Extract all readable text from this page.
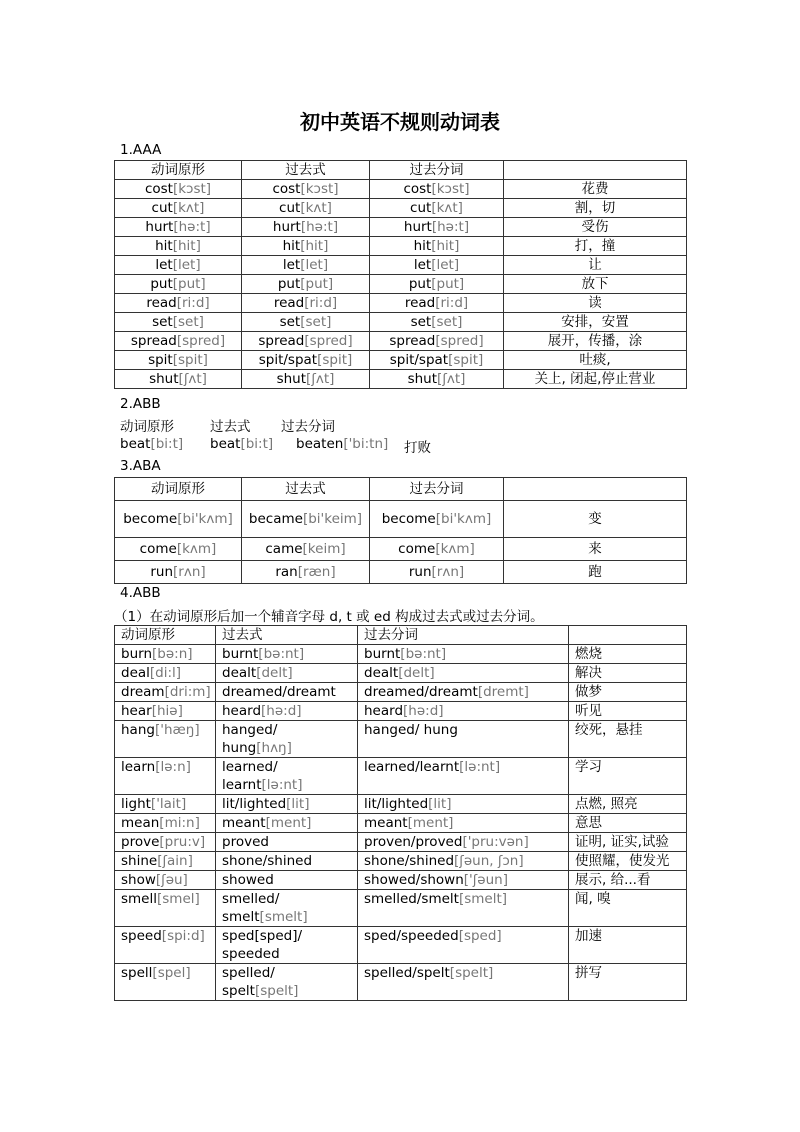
初中英语不规则动词表
1.AAA
动词原形	过去式	过去分词	
cost[kɔst]	cost[kɔst]	cost[kɔst]	花费
cut[kʌt]	cut[kʌt]	cut[kʌt]	割，切
hurt[hə:t]	hurt[hə:t]	hurt[hə:t]	受伤
hit[hit]	hit[hit]	hit[hit]	打，撞
let[let]	let[let]	let[let]	让
put[put]	put[put]	put[put]	放下
read[ri:d]	read[ri:d]	read[ri:d]	读
set[set]	set[set]	set[set]	安排，安置
spread[spred]	spread[spred]	spread[spred]	展开，传播，涂
spit[spit]	spit/spat[spit]	spit/spat[spit]	吐痰,
shut[ʃʌt]	shut[ʃʌt]	shut[ʃʌt]	关上, 闭起,停止营业
2.ABB
动词原形	过去式 过去分词
beat[bi:t] beat[bi:t] beaten['bi:tn] 打败
3.ABA
动词原形	过去式	过去分词	
become[bi'kʌm]	became[bi'keim]	become[bi'kʌm]	变
come[kʌm]	came[keim]	come[kʌm]	来
run[rʌn]	ran[ræn]	run[rʌn]	跑
4.ABB
（1）在动词原形后加一个辅音字母 d, t 或 ed 构成过去式或过去分词。
动词原形	过去式	过去分词	
burn[bə:n]	burnt[bə:nt]	burnt[bə:nt]	燃烧
deal[di:l]	dealt[delt]	dealt[delt]	解决
dream[dri:m]	dreamed/dreamt	dreamed/dreamt[dremt]	做梦
hear[hiə]	heard[hə:d]	heard[hə:d]	听见
hang['hæŋ]	hanged/ hung[hʌŋ]	hanged/ hung	绞死，悬挂
learn[lə:n]	learned/ learnt[lə:nt]	learned/learnt[lə:nt]	学习
light['lait]	lit/lighted[lit]	lit/lighted[lit]	点燃, 照亮
mean[mi:n]	meant[ment]	meant[ment]	意思
prove[pru:v]	proved	proven/proved['pru:vən]	证明, 证实,试验
shine[ʃain]	shone/shined	shone/shined[ʃəun, ʃɔn]	使照耀，使发光
show[ʃəu]	showed	showed/shown['ʃəun]	展示, 给...看
smell[smel]	smelled/ smelt[smelt]	smelled/smelt[smelt]	闻, 嗅
speed[spi:d]	sped[sped]/ speeded	sped/speeded[sped]	加速
spell[spel]	spelled/ spelt[spelt]	spelled/spelt[spelt]	拼写
